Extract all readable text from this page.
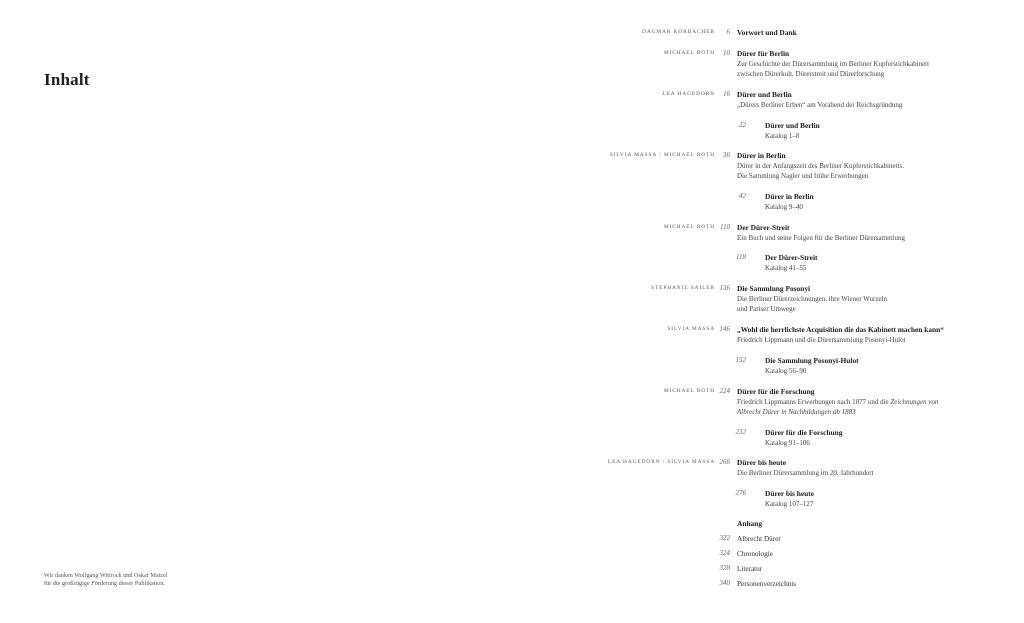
Inhalt
Wir danken Wolfgang Wittrock und Oskar Matzel
für die großzügige Förderung dieser Publikation.
DAGMAR KORBACHER 6 Vorwort und Dank
MICHAEL ROTH 10 Dürer für Berlin
Zur Geschichte der Dürersammlung im Berliner Kupferstichkabinett
zwischen Dürerkult, Dürerstreit und Dürerforschung
LEA HAGEDORN 16 Dürer und Berlin
„Dürers Berliner Erben“ am Vorabend der Reichsgründung
22	Dürer und Berlin
Katalog 1–8
SILVIA MASSA / MICHAEL ROTH 36 Dürer in Berlin
Dürer in der Anfangszeit des Berliner Kupferstichkabinetts.
Die Sammlung Nagler und frühe Erwerbungen
42	Dürer in Berlin
Katalog 9–40
MICHAEL ROTH 110 Der Dürer-Streit
Ein Buch und seine Folgen für die Berliner Dürersammlung
118	Der Dürer-Streit
Katalog 41–55
STEPHANIE SAILER 136 Die Sammlung Posonyi
Die Berliner Dürerzeichnungen, ihre Wiener Wurzeln
und Pariser Umwege
SILVIA MASSA 146 „Wohl die herrlichste Acquisition die das Kabinett machen kann“
Friedrich Lippmann und die Dürersammlung Posonyi-Hulot
152	Die Sammlung Posonyi-Hulot
Katalog 56–90
MICHAEL ROTH 224 Dürer für die Forschung
Friedrich Lippmanns Erwerbungen nach 1877 und die Zeichnungen von
Albrecht Dürer in Nachbildungen ab 1883
232	Dürer für die Forschung
Katalog 91–106
LEA HAGEDORN / SILVIA MASSA 266 Dürer bis heute
Die Berliner Dürersammlung im 20. Jahrhundert
276	Dürer bis heute
Katalog 107–127
Anhang
322 Albrecht Dürer
324 Chronologie
328 Literatur
340 Personenverzeichnis
